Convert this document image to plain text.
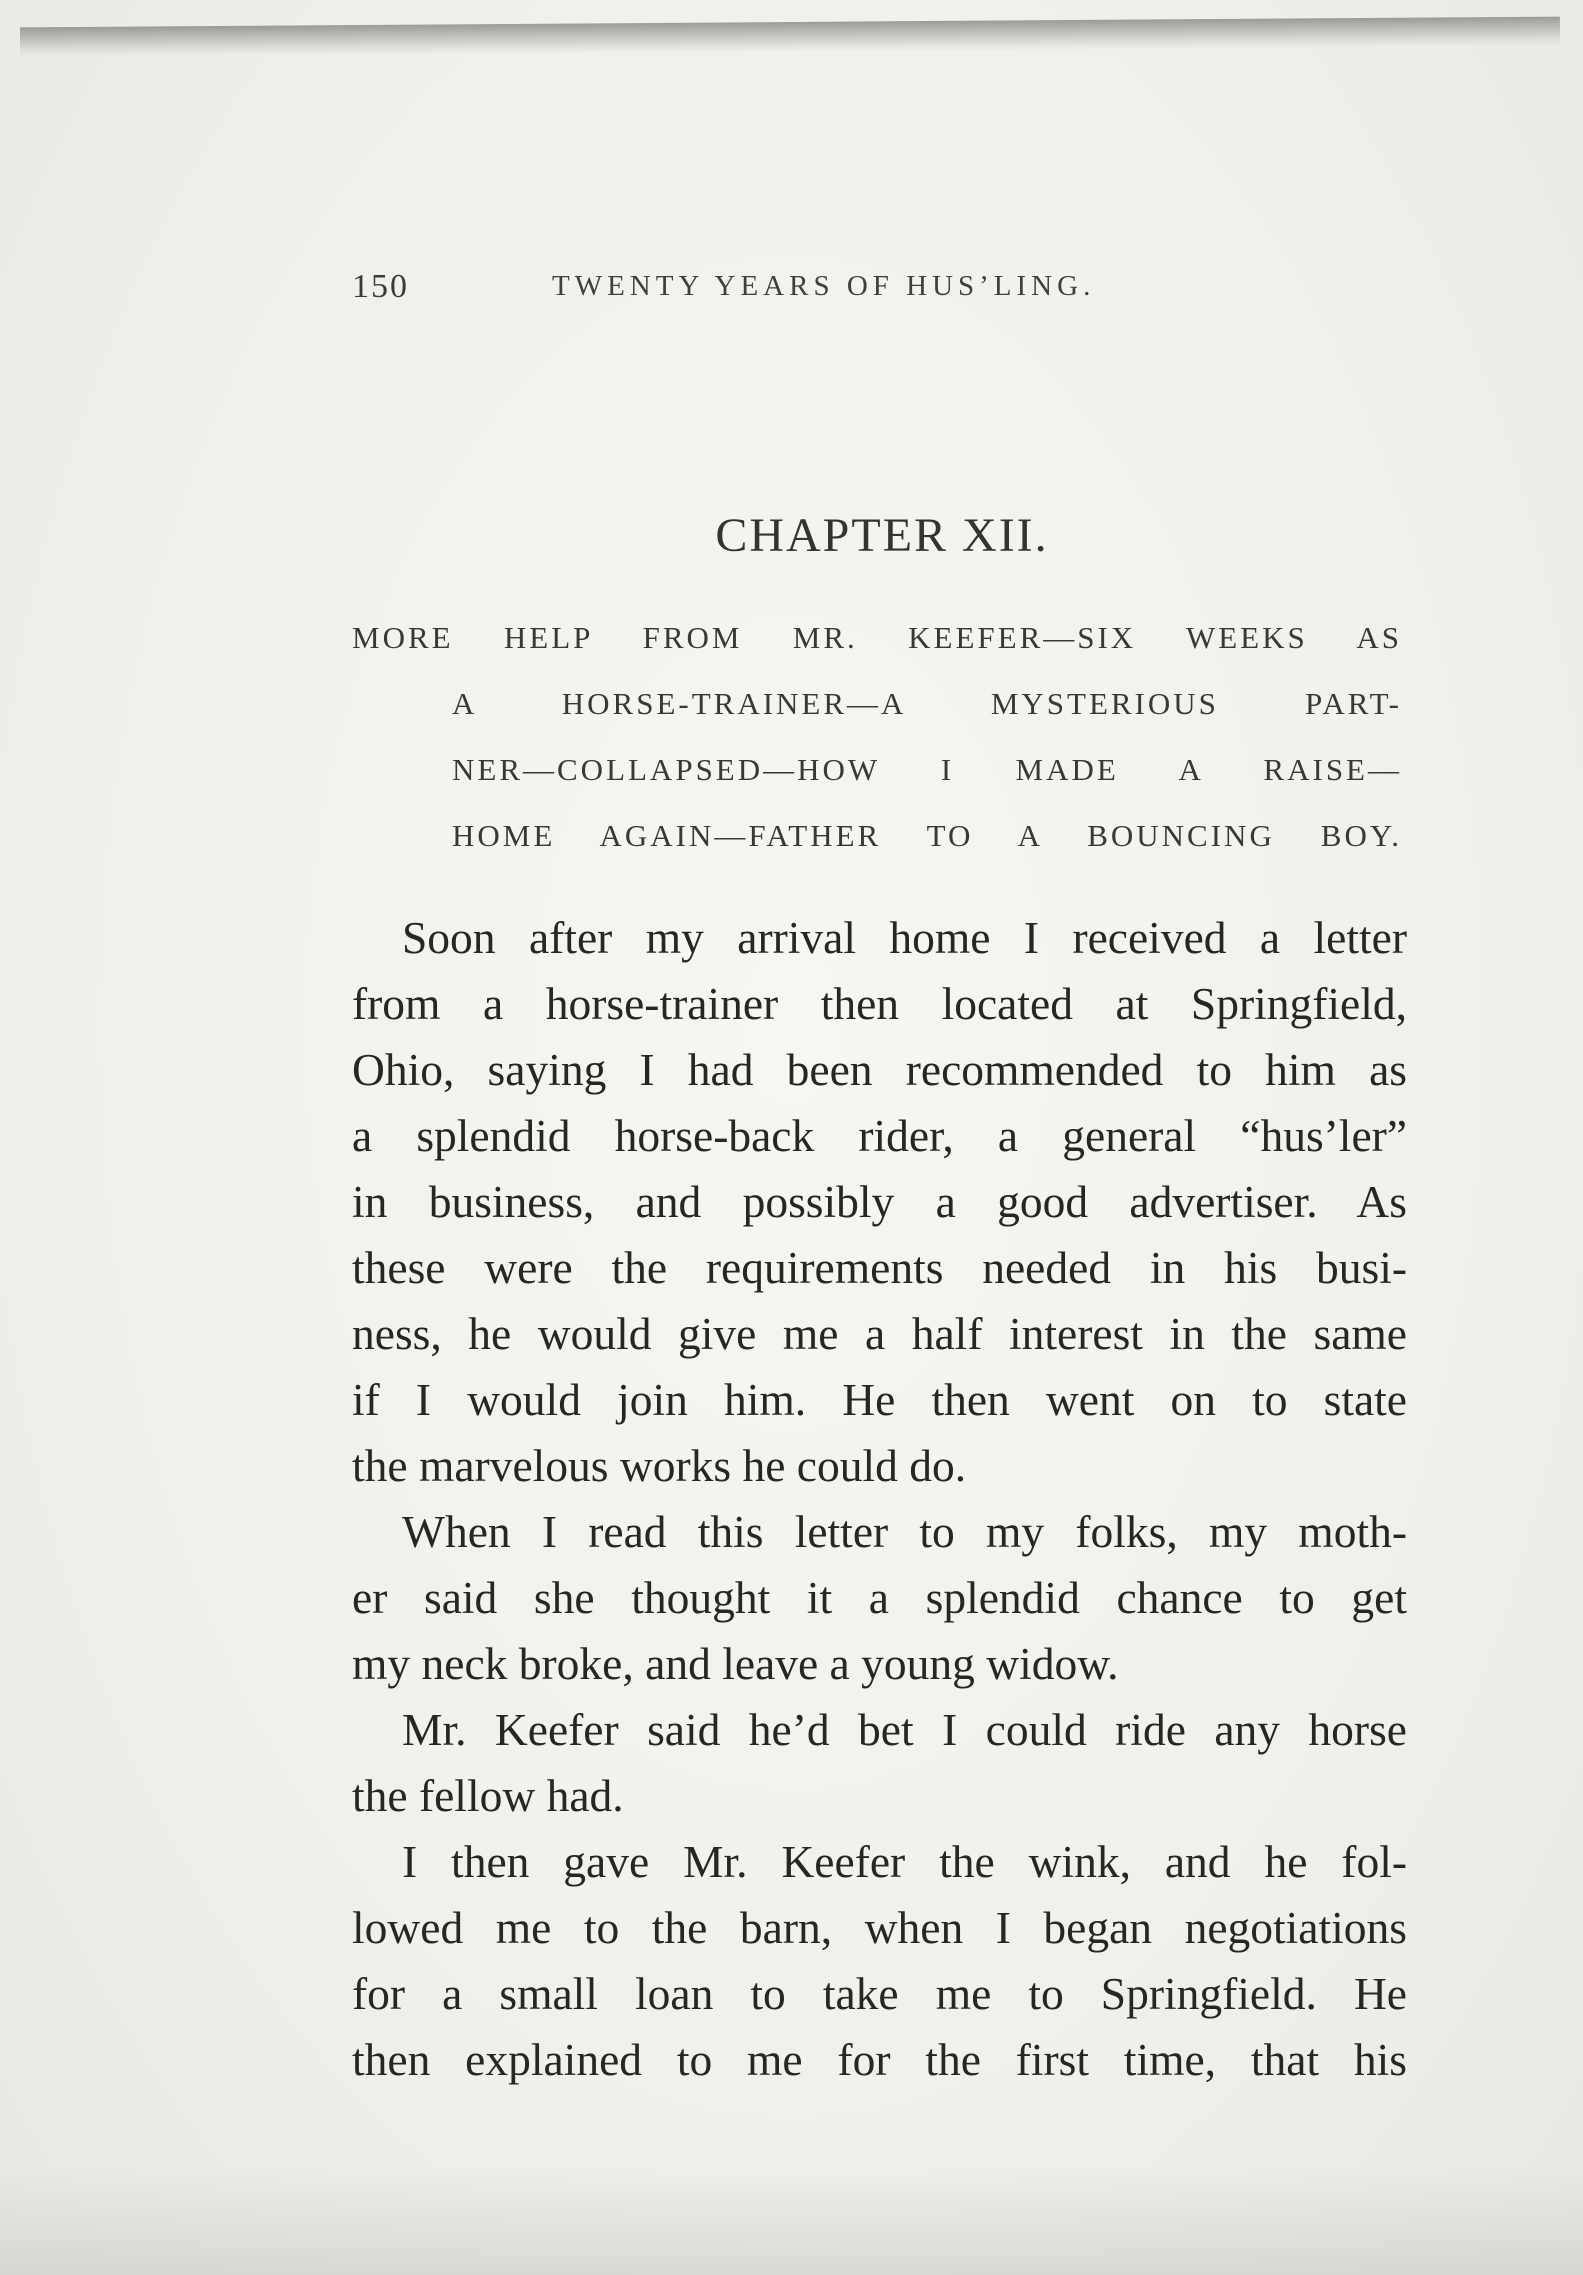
150	TWENTY YEARS OF HUS’LING.
CHAPTER XII.
MORE HELP FROM MR. KEEFER—SIX WEEKS AS
A HORSE-TRAINER—A MYSTERIOUS PART-
NER—COLLAPSED—HOW I MADE A RAISE—
HOME AGAIN—FATHER TO A BOUNCING BOY.
Soon after my arrival home I received a letter
from a horse-trainer then located at Springfield,
Ohio, saying I had been recommended to him as
a splendid horse-back rider, a general “hus’ler”
in business, and possibly a good advertiser. As
these were the requirements needed in his busi-
ness, he would give me a half interest in the same
if I would join him. He then went on to state
the marvelous works he could do.
When I read this letter to my folks, my moth-
er said she thought it a splendid chance to get
my neck broke, and leave a young widow.
Mr. Keefer said he’d bet I could ride any horse
the fellow had.
I then gave Mr. Keefer the wink, and he fol-
lowed me to the barn, when I began negotiations
for a small loan to take me to Springfield. He
then explained to me for the first time, that his
